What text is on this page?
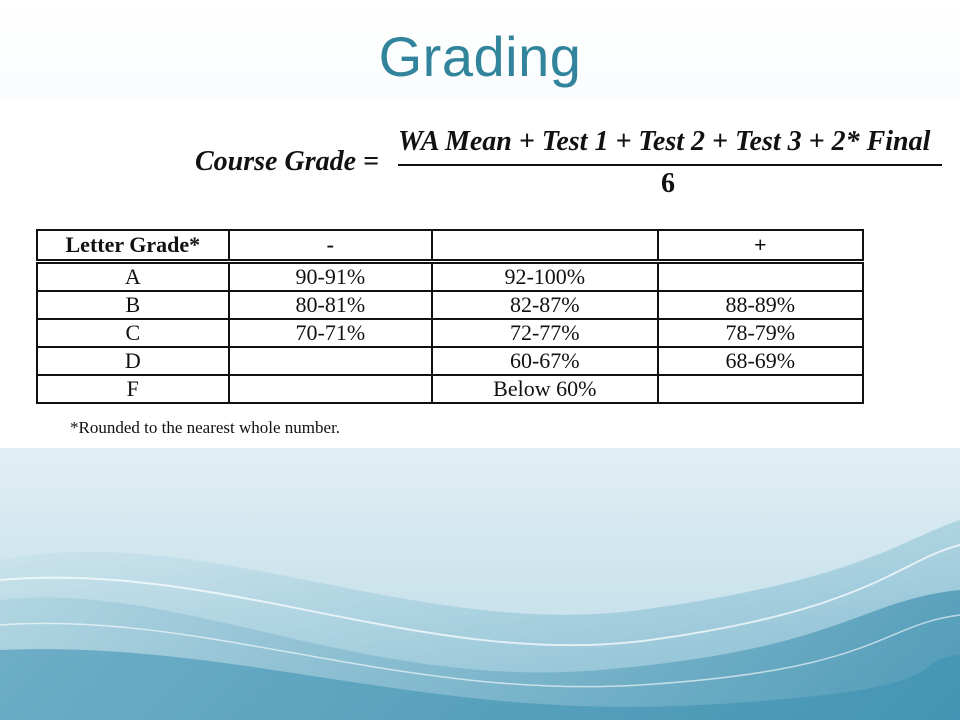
Grading
Course Grade =
WA Mean + Test 1 + Test 2 + Test 3 + 2* Final
6
Letter Grade*	-		+
A	90-91%	92-100%	
B	80-81%	82-87%	88-89%
C	70-71%	72-77%	78-79%
D		60-67%	68-69%
F		Below 60%	
*Rounded to the nearest whole number.
